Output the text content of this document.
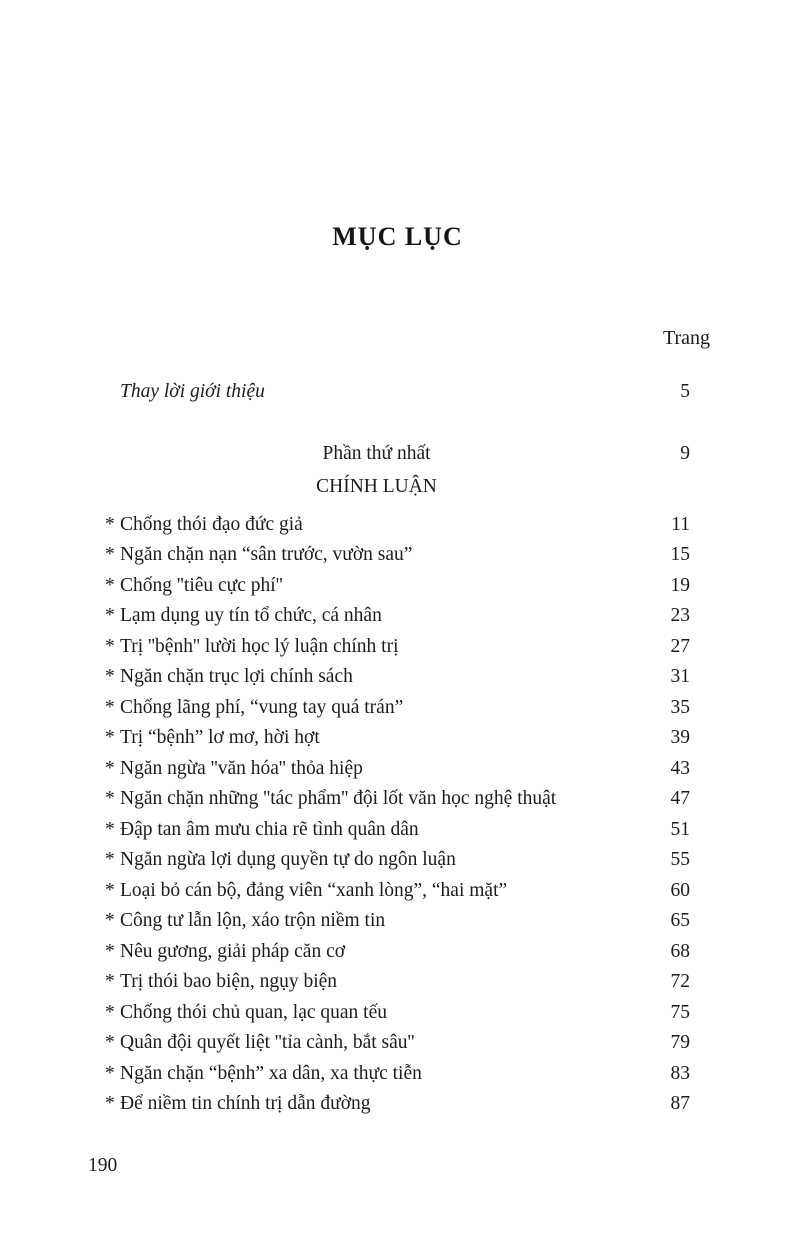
MỤC LỤC
Trang
Thay lời giới thiệu	5
Phần thứ nhất	9
CHÍNH LUẬN
* Chống thói đạo đức giả	11
* Ngăn chặn nạn “sân trước, vườn sau”	15
* Chống ''tiêu cực phí''	19
* Lạm dụng uy tín tổ chức, cá nhân	23
* Trị ''bệnh'' lười học lý luận chính trị	27
* Ngăn chặn trục lợi chính sách	31
* Chống lãng phí, “vung tay quá trán”	35
* Trị “bệnh” lơ mơ, hời hợt	39
* Ngăn ngừa ''văn hóa'' thỏa hiệp	43
* Ngăn chặn những ''tác phẩm'' đội lốt văn học nghệ thuật	47
* Đập tan âm mưu chia rẽ tình quân dân	51
* Ngăn ngừa lợi dụng quyền tự do ngôn luận	55
* Loại bỏ cán bộ, đảng viên “xanh lòng”, “hai mặt”	60
* Công tư lẫn lộn, xáo trộn niềm tin	65
* Nêu gương, giải pháp căn cơ	68
* Trị thói bao biện, ngụy biện	72
* Chống thói chủ quan, lạc quan tếu	75
* Quân đội quyết liệt ''tỉa cành, bắt sâu''	79
* Ngăn chặn “bệnh” xa dân, xa thực tiễn	83
* Để niềm tin chính trị dẫn đường	87
190
